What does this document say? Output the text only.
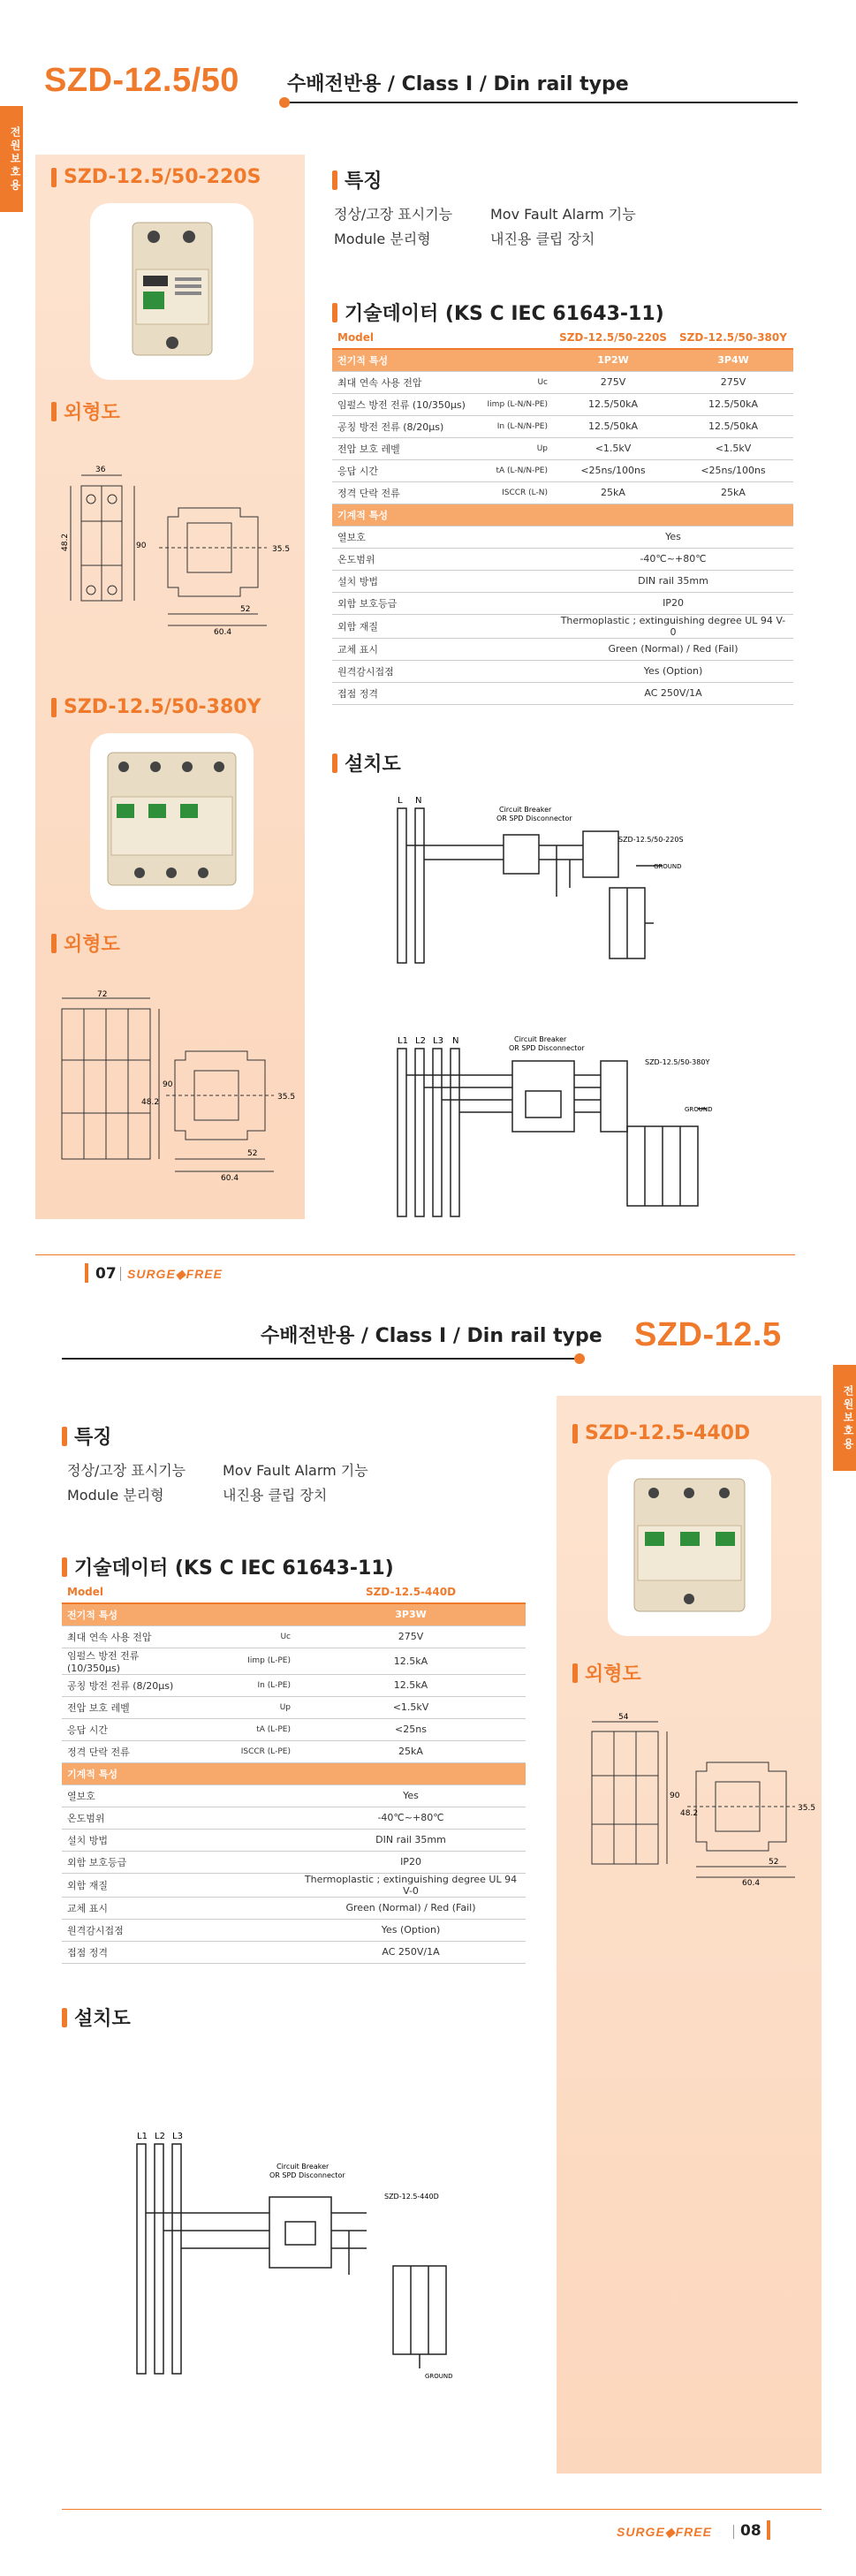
SZD-12.5/50 수배전반용 / Class I / Din rail type
전원보호용 SZD-12.5/50-220S
외형도
36
48.2	90	35.5
52
60.4
SZD-12.5/50-380Y
외형도
72
90
48.2
35.5
52
60.4
특징
정상/고장 표시기능	Mov Fault Alarm 기능
Module 분리형	내진용 클립 장치
기술데이터 (KS C IEC 61643-11)
Model		SZD-12.5/50-220S	SZD-12.5/50-380Y
전기적 특성		1P2W	3P4W
최대 연속 사용 전압	Uc	275V	275V
임펄스 방전 전류 (10/350μs)	Iimp (L-N/N-PE)	12.5/50kA	12.5/50kA
공칭 방전 전류 (8/20μs)	In (L-N/N-PE)	12.5/50kA	12.5/50kA
전압 보호 레벨	Up	<1.5kV	<1.5kV
응답 시간	tA (L-N/N-PE)	<25ns/100ns	<25ns/100ns
정격 단락 전류	ISCCR (L-N)	25kA	25kA
기계적 특성			
열보호		Yes	
온도범위		-40℃~+80℃	
설치 방법		DIN rail 35mm	
외함 보호등급		IP20	
외함 재질		Thermoplastic ; extinguishing degree UL 94 V-0	
교체 표시		Green (Normal) / Red (Fail)	
원격감시접점		Yes (Option)	
접점 정격		AC 250V/1A	
설치도
L N
Circuit Breaker
OR SPD Disconnector
SZD-12.5/50-220S
GROUND
L1 L2 L3 N	Circuit Breaker
OR SPD Disconnector
SZD-12.5/50-380Y
GROUND
07 SURGE◆FREE
수배전반용 / Class I / Din rail type SZD-12.5
전원보호용
SZD-12.5-440D
외형도
54
90
48.2
35.5
52
60.4
특징
정상/고장 표시기능	Mov Fault Alarm 기능
Module 분리형	내진용 클립 장치
기술데이터 (KS C IEC 61643-11)
Model		SZD-12.5-440D
전기적 특성		3P3W
최대 연속 사용 전압	Uc	275V
임펄스 방전 전류 (10/350μs)	Iimp (L-PE)	12.5kA
공칭 방전 전류 (8/20μs)	In (L-PE)	12.5kA
전압 보호 레벨	Up	<1.5kV
응답 시간	tA (L-PE)	<25ns
정격 단락 전류	ISCCR (L-PE)	25kA
기계적 특성		
열보호		Yes
온도범위		-40℃~+80℃
설치 방법		DIN rail 35mm
외함 보호등급		IP20
외함 재질		Thermoplastic ; extinguishing degree UL 94 V-0
교체 표시		Green (Normal) / Red (Fail)
원격감시접점		Yes (Option)
접점 정격		AC 250V/1A
설치도
L1 L2 L3
Circuit Breaker
OR SPD Disconnector
SZD-12.5-440D
GROUND
SURGE◆FREE 08
